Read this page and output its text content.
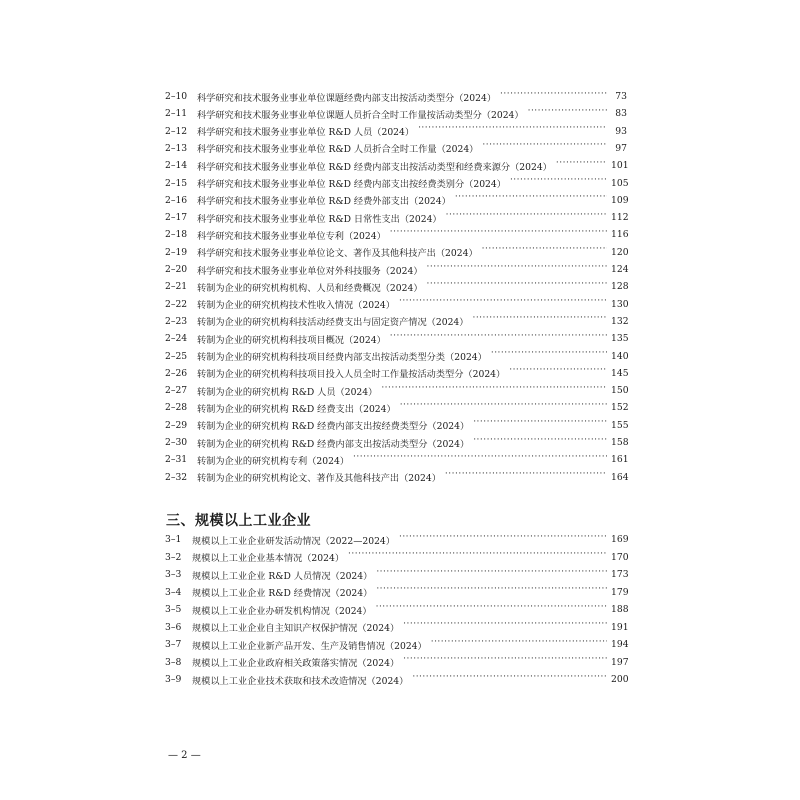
2–10	科学研究和技术服务业事业单位课题经费内部支出按活动类型分（2024） ·····	73
2–11	科学研究和技术服务业事业单位课题人员折合全时工作量按活动类型分（2024） ·····	83
2–12	科学研究和技术服务业事业单位 R&D 人员（2024） ·····	93
2–13	科学研究和技术服务业事业单位 R&D 人员折合全时工作量（2024） ·····	97
2–14	科学研究和技术服务业事业单位 R&D 经费内部支出按活动类型和经费来源分（2024） ·····	101
2–15	科学研究和技术服务业事业单位 R&D 经费内部支出按经费类别分（2024） ·····	105
2–16	科学研究和技术服务业事业单位 R&D 经费外部支出（2024） ·····	109
2–17	科学研究和技术服务业事业单位 R&D 日常性支出（2024） ·····	112
2–18	科学研究和技术服务业事业单位专利（2024） ·····	116
2–19	科学研究和技术服务业事业单位论文、著作及其他科技产出（2024） ·····	120
2–20	科学研究和技术服务业事业单位对外科技服务（2024） ·····	124
2–21	转制为企业的研究机构机构、人员和经费概况（2024） ·····	128
2–22	转制为企业的研究机构技术性收入情况（2024） ·····	130
2–23	转制为企业的研究机构科技活动经费支出与固定资产情况（2024） ·····	132
2–24	转制为企业的研究机构科技项目概况（2024） ·····	135
2–25	转制为企业的研究机构科技项目经费内部支出按活动类型分类（2024） ·····	140
2–26	转制为企业的研究机构科技项目投入人员全时工作量按活动类型分（2024） ·····	145
2–27	转制为企业的研究机构 R&D 人员（2024） ·····	150
2–28	转制为企业的研究机构 R&D 经费支出（2024） ·····	152
2–29	转制为企业的研究机构 R&D 经费内部支出按经费类型分（2024） ·····	155
2–30	转制为企业的研究机构 R&D 经费内部支出按活动类型分（2024） ·····	158
2–31	转制为企业的研究机构专利（2024） ·····	161
2–32	转制为企业的研究机构论文、著作及其他科技产出（2024） ·····	164
三、规模以上工业企业
3–1	规模以上工业企业研发活动情况（2022—2024） ·····	169
3–2	规模以上工业企业基本情况（2024） ·····	170
3–3	规模以上工业企业 R&D 人员情况（2024） ·····	173
3–4	规模以上工业企业 R&D 经费情况（2024） ·····	179
3–5	规模以上工业企业办研发机构情况（2024） ·····	188
3–6	规模以上工业企业自主知识产权保护情况（2024） ·····	191
3–7	规模以上工业企业新产品开发、生产及销售情况（2024） ·····	194
3–8	规模以上工业企业政府相关政策落实情况（2024） ·····	197
3–9	规模以上工业企业技术获取和技术改造情况（2024） ·····	200
— 2 —
